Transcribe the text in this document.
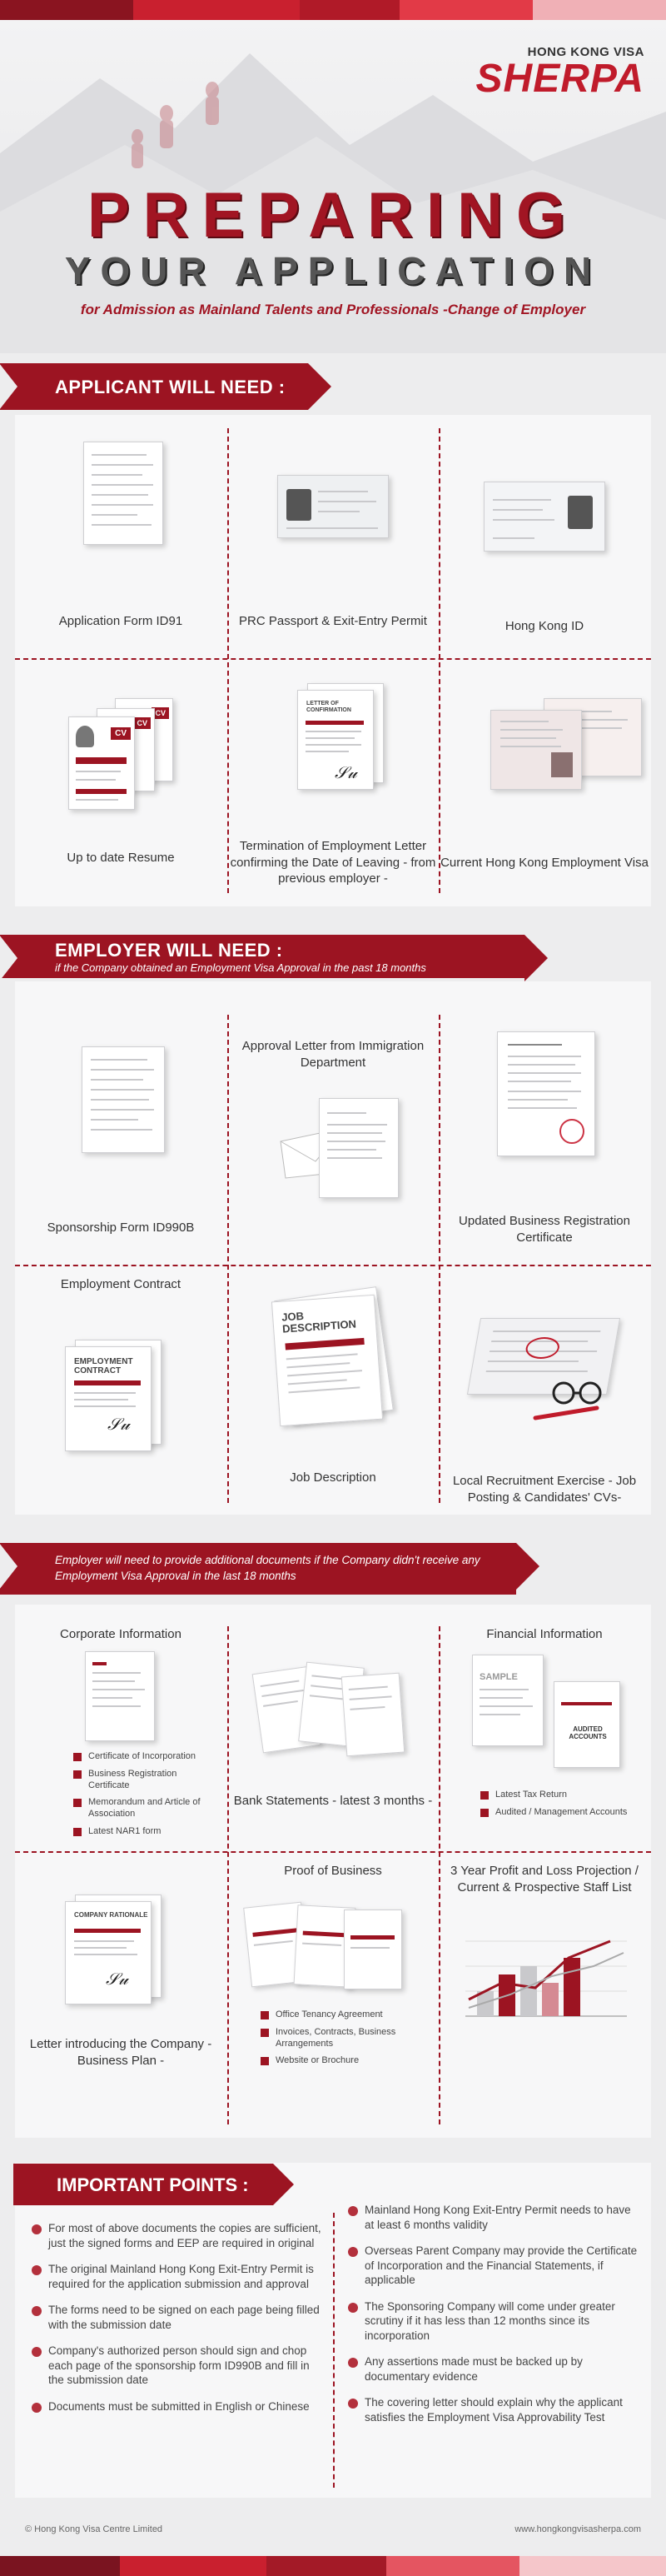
HONG KONG VISA
SHERPA
PREPARING
YOUR APPLICATION
for Admission as Mainland Talents and Professionals -Change of Employer
APPLICANT WILL NEED :
Application Form ID91	PRC Passport & Exit-Entry Permit	Hong Kong ID
CV
CV
CV
Up to date Resume
LETTER OF CONFIRMATION
𝒮𝓊
Termination of Employment Letter confirming the Date of Leaving - from previous employer -
Current Hong Kong Employment Visa
EMPLOYER WILL NEED :
if the Company obtained an Employment Visa Approval in the past 18 months
Sponsorship Form ID990B
Approval Letter from Immigration Department
Updated Business Registration Certificate
Employment Contract
EMPLOYMENT CONTRACT
𝒮𝓊
JOB DESCRIPTION
Job Description	Local Recruitment Exercise - Job Posting & Candidates' CVs-
Employer will need to provide additional documents if the Company didn't receive any Employment Visa Approval in the last 18 months
Corporate Information
Certificate of Incorporation
Business Registration Certificate
Memorandum and Article of Association
Latest NAR1 form
Bank Statements - latest 3 months -
Financial Information
SAMPLE
AUDITED ACCOUNTS
Latest Tax Return
Audited / Management Accounts
COMPANY RATIONALE
𝒮𝓊
Letter introducing the Company - Business Plan -
Proof of Business
Office Tenancy Agreement
Invoices, Contracts, Business Arrangements
Website or Brochure
3 Year Profit and Loss Projection / Current & Prospective Staff List
For most of above documents the copies are sufficient, just the signed forms and EEP are required in original
The original Mainland Hong Kong Exit-Entry Permit is required for the application submission and approval
The forms need to be signed on each page being filled with the submission date
Company's authorized person should sign and chop each page of the sponsorship form ID990B and fill in the submission date
Documents must be submitted in English or Chinese
Mainland Hong Kong Exit-Entry Permit needs to have at least 6 months validity
Overseas Parent Company may provide the Certificate of Incorporation and the Financial Statements, if applicable
The Sponsoring Company will come under greater scrutiny if it has less than 12 months since its incorporation
Any assertions made must be backed up by documentary evidence
The covering letter should explain why the applicant satisfies the Employment Visa Approvability Test
IMPORTANT POINTS :
© Hong Kong Visa Centre Limited	www.hongkongvisasherpa.com
